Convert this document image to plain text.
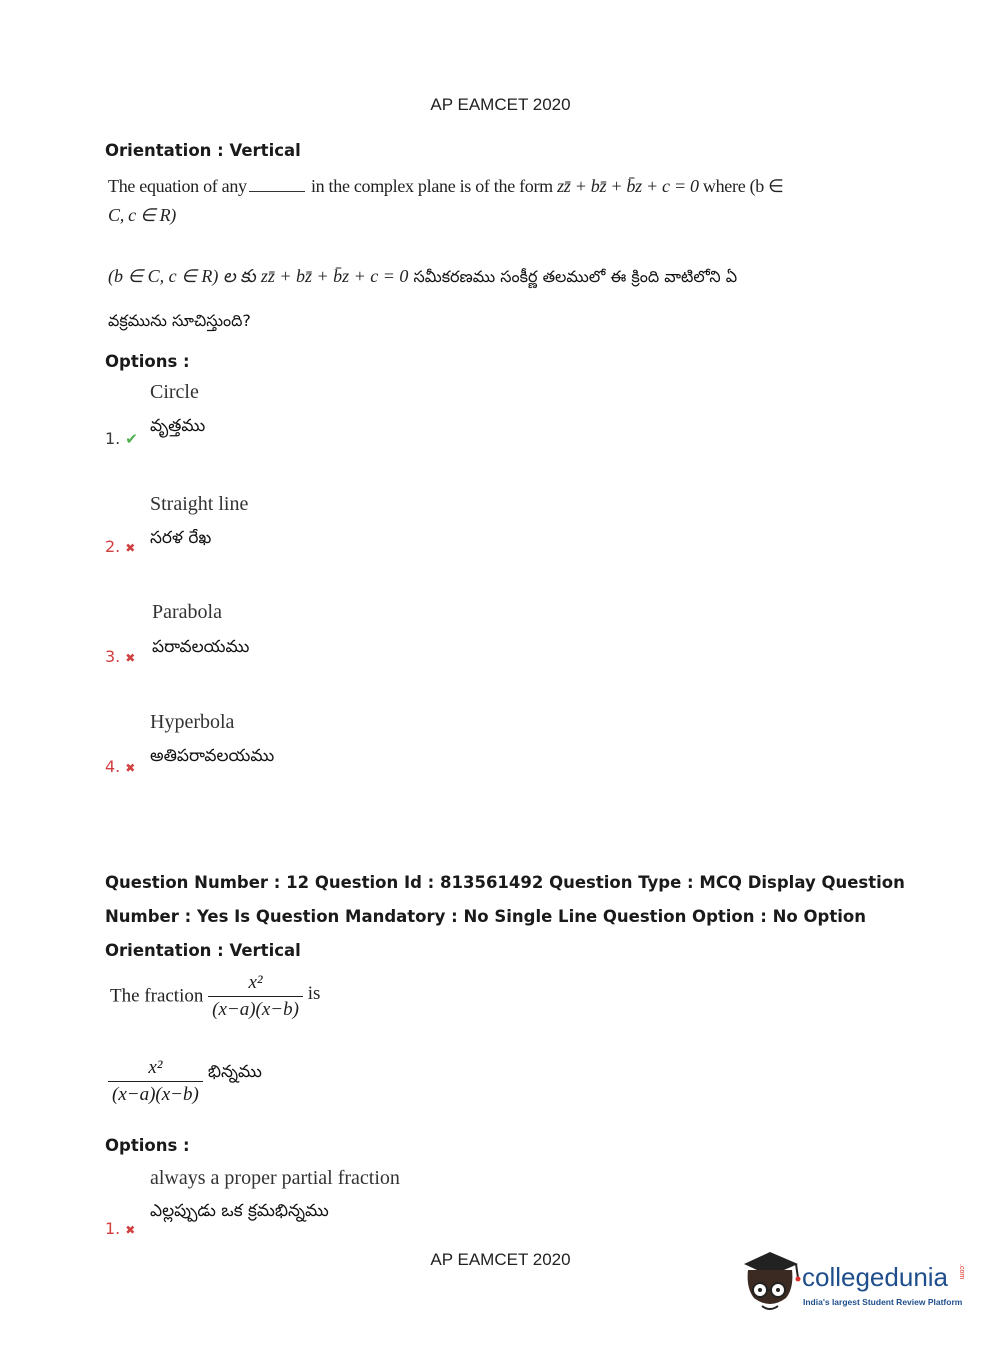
AP EAMCET 2020
Orientation : Vertical
The equation of any	in the complex plane is of the form zz̄ + bz̄ + b̄z + c = 0 where (b ∈
C, c ∈ R)
(b ∈ C, c ∈ R) ల కు zz̄ + bz̄ + b̄z + c = 0 సమీకరణము సంకీర్ణ తలములో ఈ క్రింది వాటిలోని ఏ
వక్రమును సూచిస్తుంది?
Options :
Circle
వృత్తము
1. ✔
Straight line
సరళ రేఖ
2. ✖
Parabola
పరావలయము
3. ✖
Hyperbola
అతిపరావలయము
4. ✖
Question Number : 12 Question Id : 813561492 Question Type : MCQ Display Question
Number : Yes Is Question Mandatory : No Single Line Question Option : No Option
Orientation : Vertical
The fraction $\frac{\text{x²}}{(x-a)(x-b)}$ is
$\frac{\text{x²}}{(x-a)(x-b)}$ భిన్నము
Options :
always a proper partial fraction
ఎల్లప్పుడు ఒక క్రమభిన్నము
1. ✖
AP EAMCET 2020
collegedunia .com
India's largest Student Review Platform
